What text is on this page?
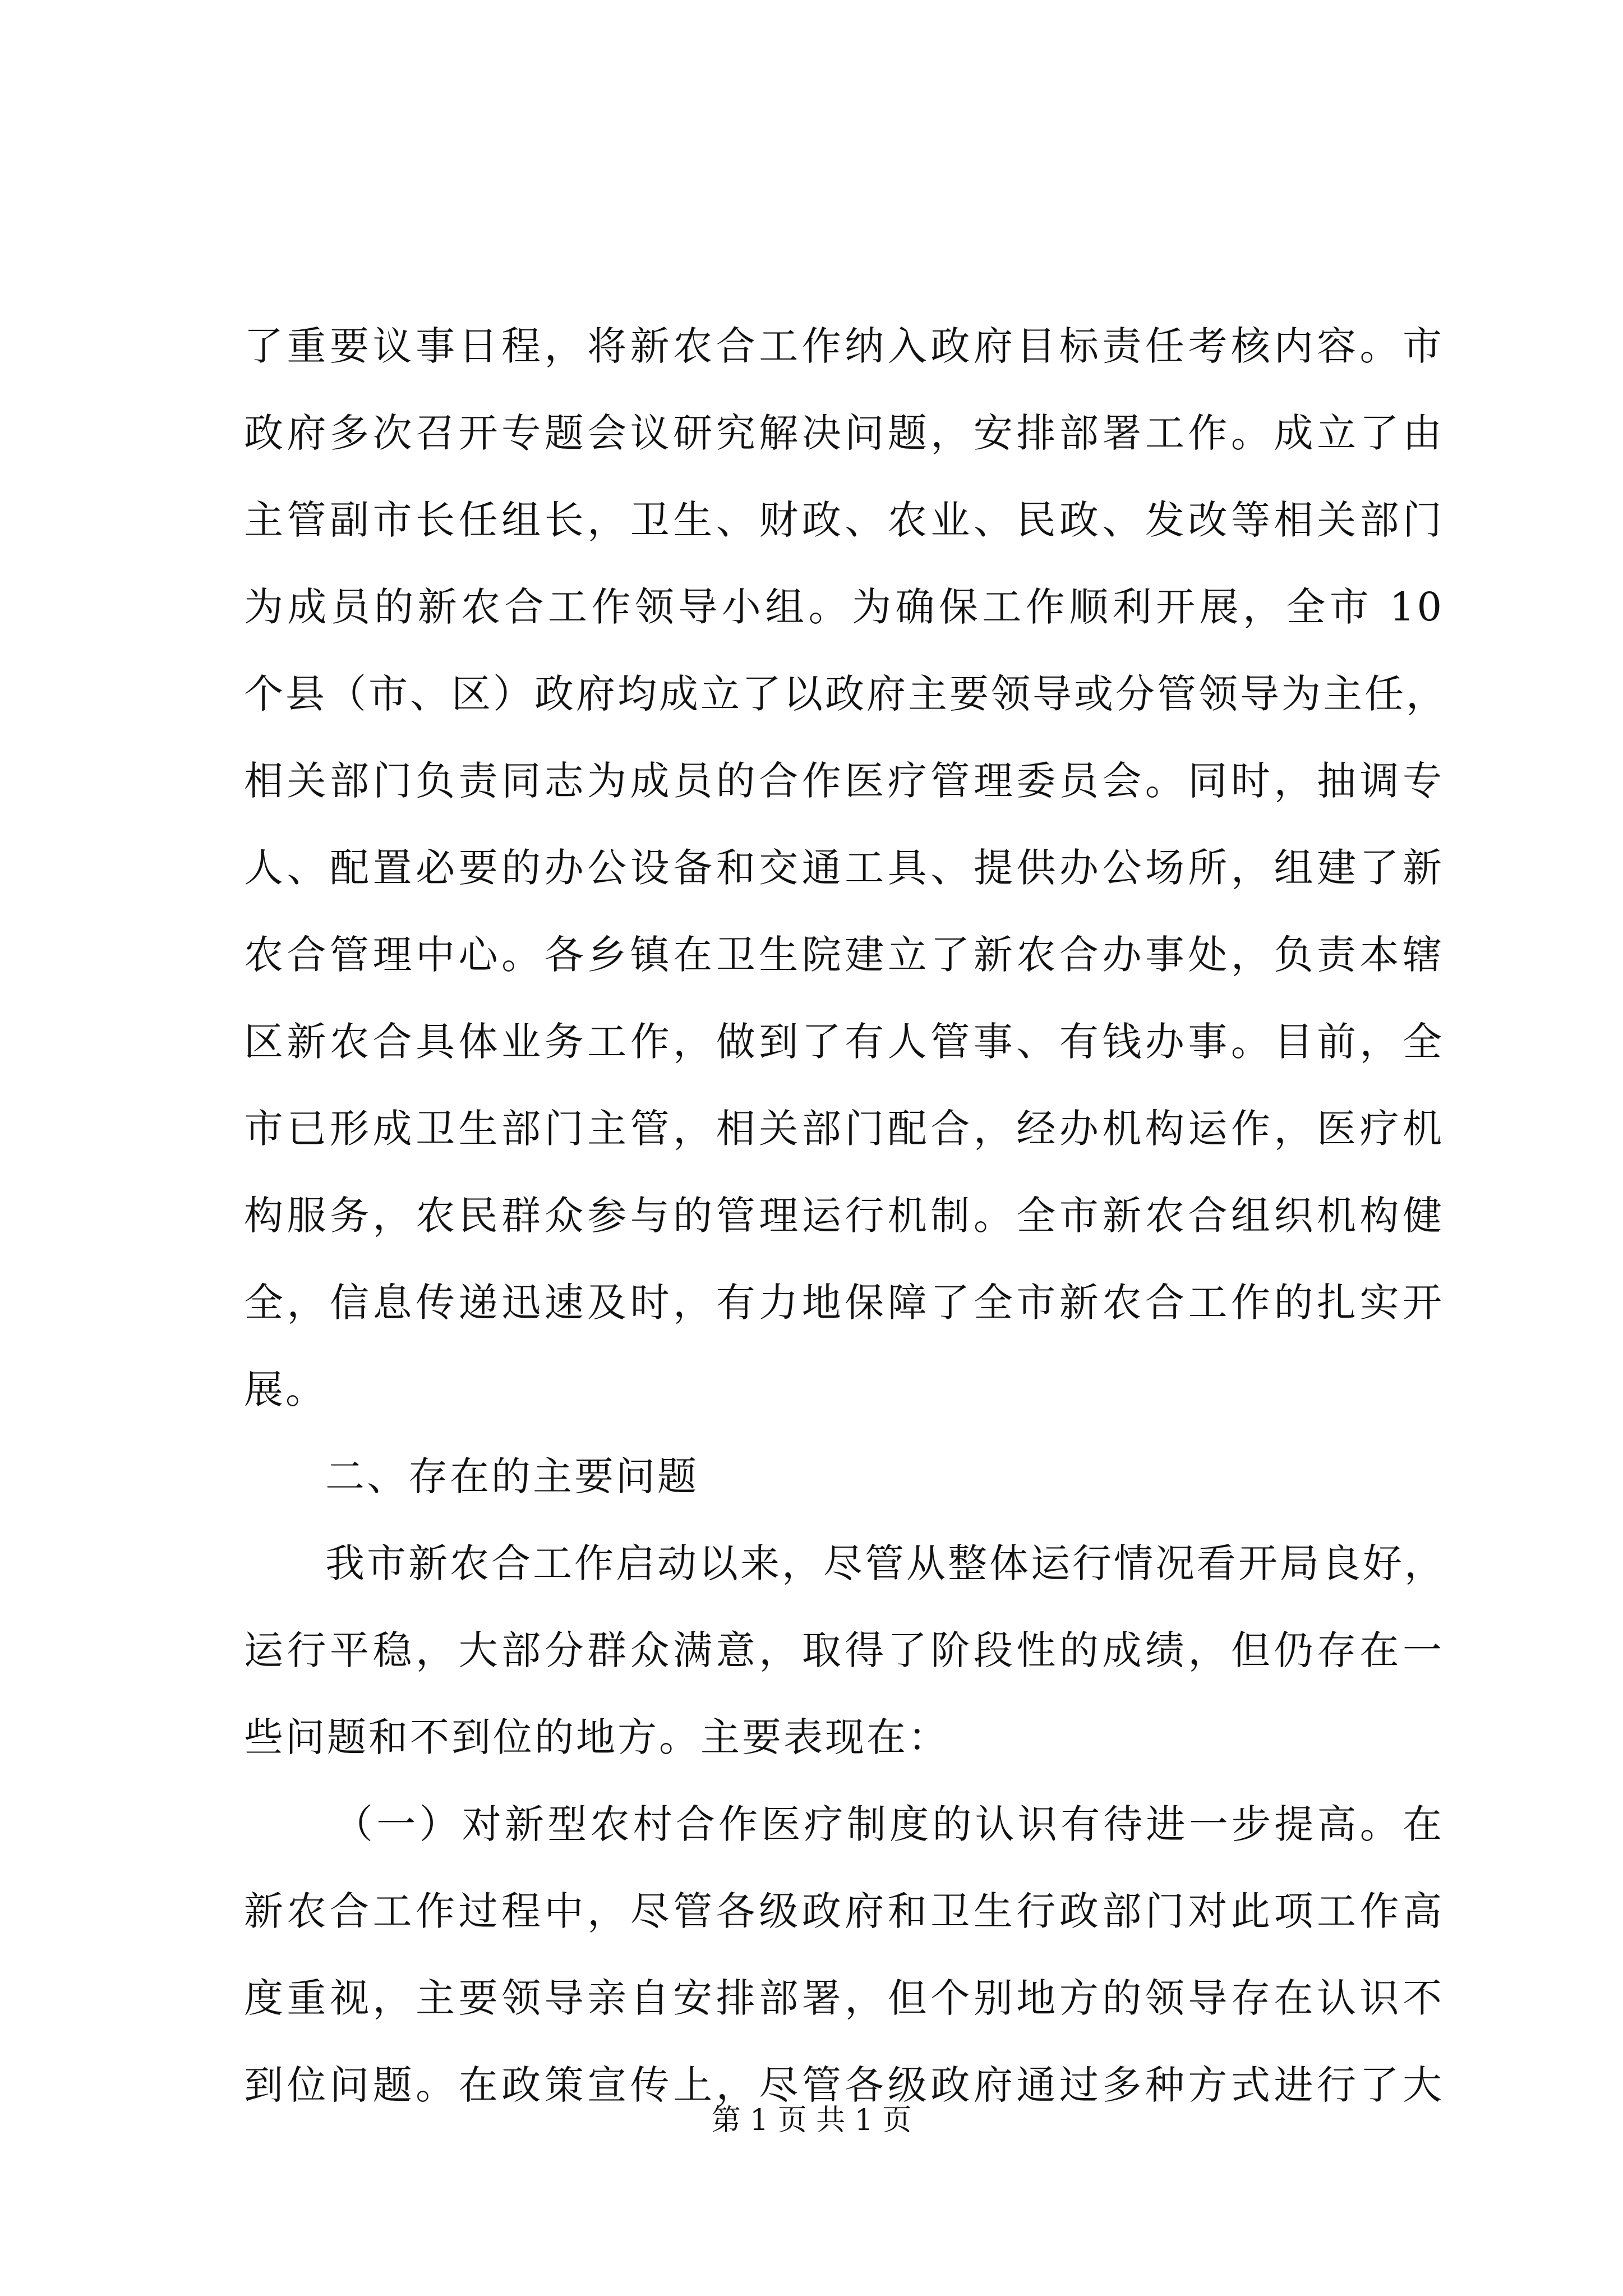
了重要议事日程，将新农合工作纳入政府目标责任考核内容。市
政府多次召开专题会议研究解决问题，安排部署工作。成立了由
主管副市长任组长，卫生、财政、农业、民政、发改等相关部门
为成员的新农合工作领导小组。为确保工作顺利开展，全市 10
个县（市、区）政府均成立了以政府主要领导或分管领导为主任，
相关部门负责同志为成员的合作医疗管理委员会。同时，抽调专
人、配置必要的办公设备和交通工具、提供办公场所，组建了新
农合管理中心。各乡镇在卫生院建立了新农合办事处，负责本辖
区新农合具体业务工作，做到了有人管事、有钱办事。目前，全
市已形成卫生部门主管，相关部门配合，经办机构运作，医疗机
构服务，农民群众参与的管理运行机制。全市新农合组织机构健
全，信息传递迅速及时，有力地保障了全市新农合工作的扎实开
展。
二、存在的主要问题
我市新农合工作启动以来，尽管从整体运行情况看开局良好，
运行平稳，大部分群众满意，取得了阶段性的成绩，但仍存在一
些问题和不到位的地方。主要表现在：
（一）对新型农村合作医疗制度的认识有待进一步提高。在
新农合工作过程中，尽管各级政府和卫生行政部门对此项工作高
度重视，主要领导亲自安排部署，但个别地方的领导存在认识不
到位问题。在政策宣传上，尽管各级政府通过多种方式进行了大
第 1 页 共 1 页
